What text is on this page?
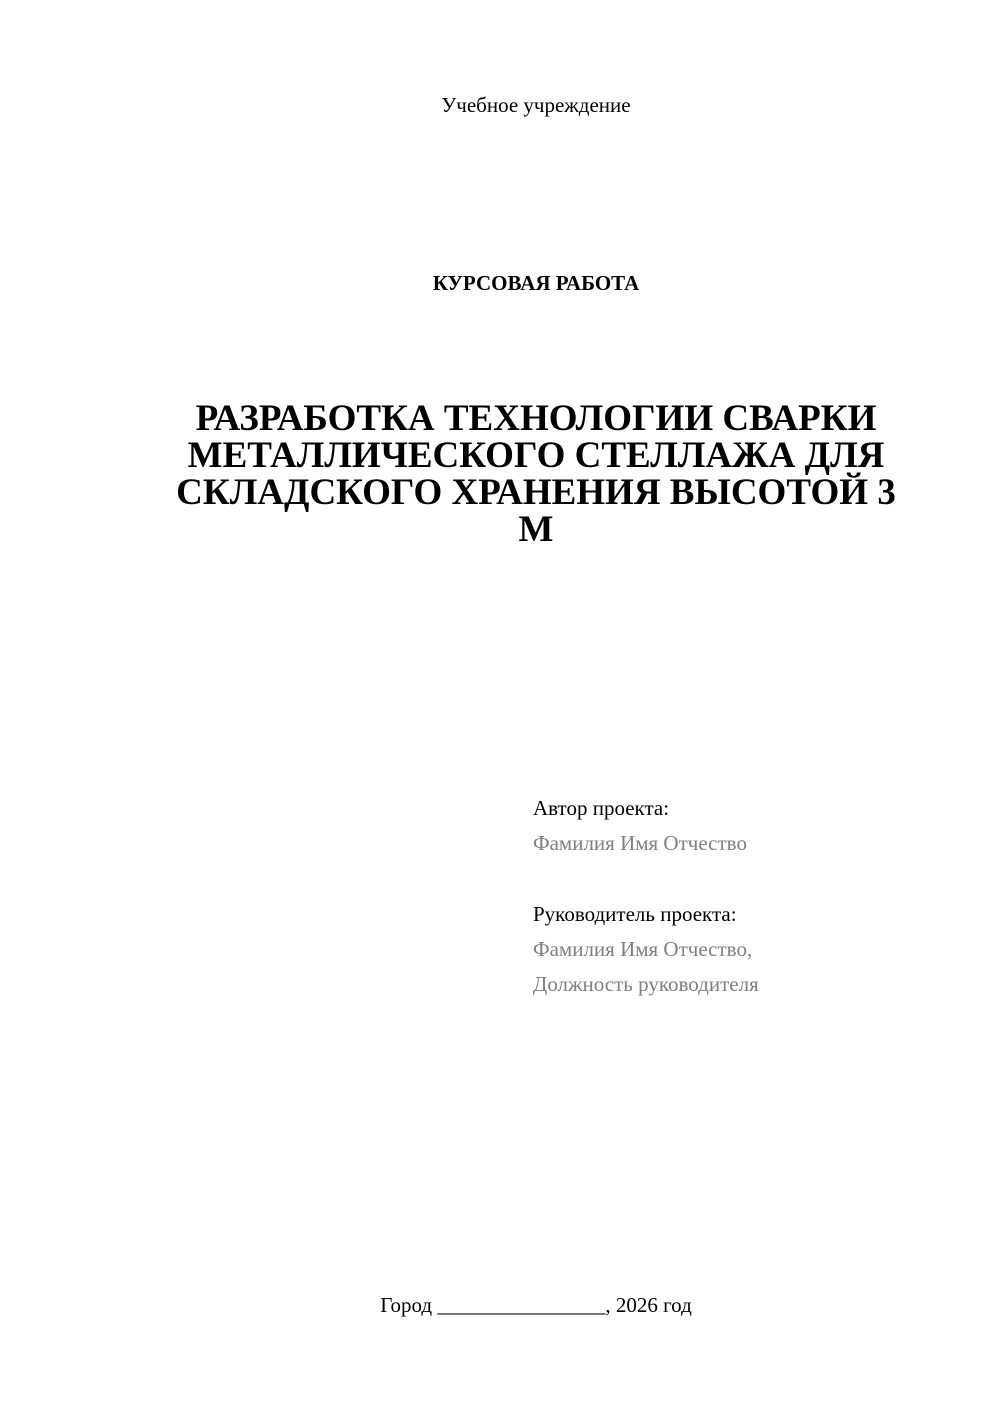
Учебное учреждение
КУРСОВАЯ РАБОТА
РАЗРАБОТКА ТЕХНОЛОГИИ СВАРКИ
МЕТАЛЛИЧЕСКОГО СТЕЛЛАЖА ДЛЯ
СКЛАДСКОГО ХРАНЕНИЯ ВЫСОТОЙ 3
М
Автор проекта:
Фамилия Имя Отчество
Руководитель проекта:
Фамилия Имя Отчество,
Должность руководителя
Город ________________, 2026 год
